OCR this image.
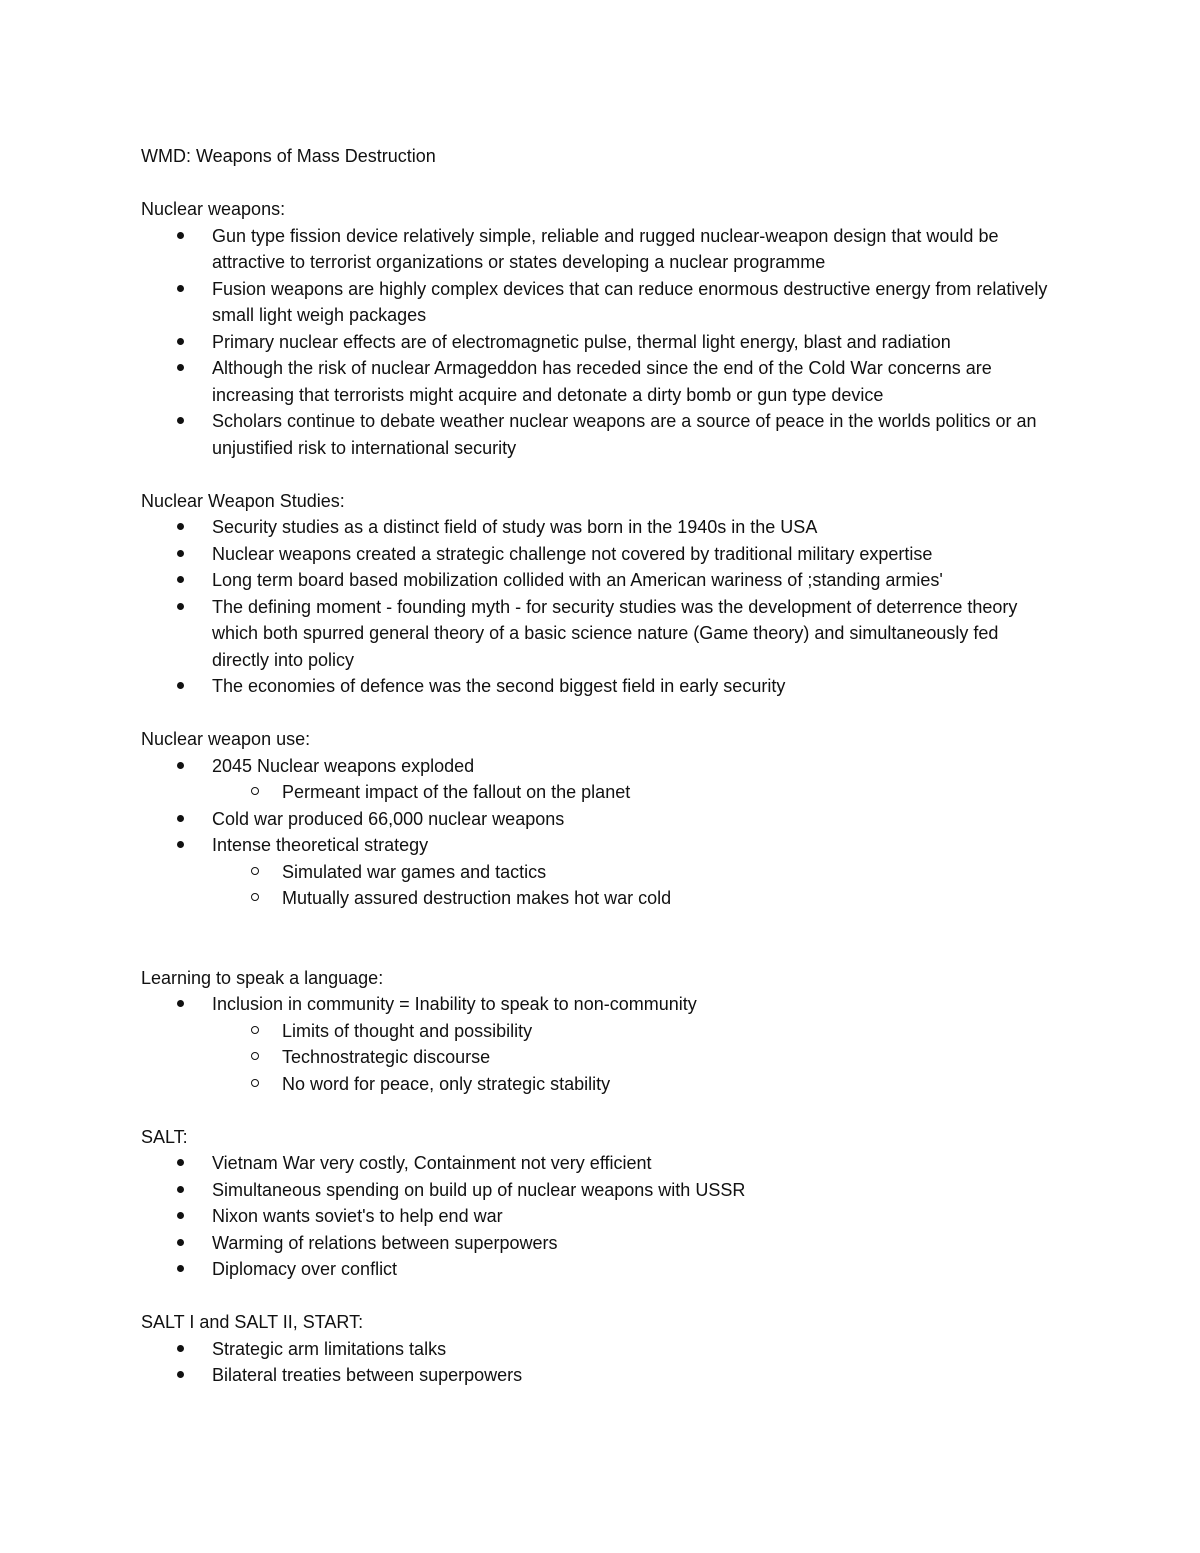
WMD: Weapons of Mass Destruction
Nuclear weapons:
Gun type fission device relatively simple, reliable and rugged nuclear-weapon design that would be attractive to terrorist organizations or states developing a nuclear programme
Fusion weapons are highly complex devices that can reduce enormous destructive energy from relatively small light weigh packages
Primary nuclear effects are of electromagnetic pulse, thermal light energy, blast and radiation
Although the risk of nuclear Armageddon has receded since the end of the Cold War concerns are increasing that terrorists might acquire and detonate a dirty bomb or gun type device
Scholars continue to debate weather nuclear weapons are a source of peace in the worlds politics or an unjustified risk to international security
Nuclear Weapon Studies:
Security studies as a distinct field of study was born in the 1940s in the USA
Nuclear weapons created a strategic challenge not covered by traditional military expertise
Long term board based mobilization collided with an American wariness of ;standing armies'
The defining moment - founding myth - for security studies was the development of deterrence theory which both spurred general theory of a basic science nature (Game theory) and simultaneously fed directly into policy
The economies of defence was the second biggest field in early security
Nuclear weapon use:
2045 Nuclear weapons exploded
Permeant impact of the fallout on the planet
Cold war produced 66,000 nuclear weapons
Intense theoretical strategy
Simulated war games and tactics
Mutually assured destruction makes hot war cold
Learning to speak a language:
Inclusion in community = Inability to speak to non-community
Limits of thought and possibility
Technostrategic discourse
No word for peace, only strategic stability
SALT:
Vietnam War very costly, Containment not very efficient
Simultaneous spending on build up of nuclear weapons with USSR
Nixon wants soviet's to help end war
Warming of relations between superpowers
Diplomacy over conflict
SALT I and SALT II, START:
Strategic arm limitations talks
Bilateral treaties between superpowers
